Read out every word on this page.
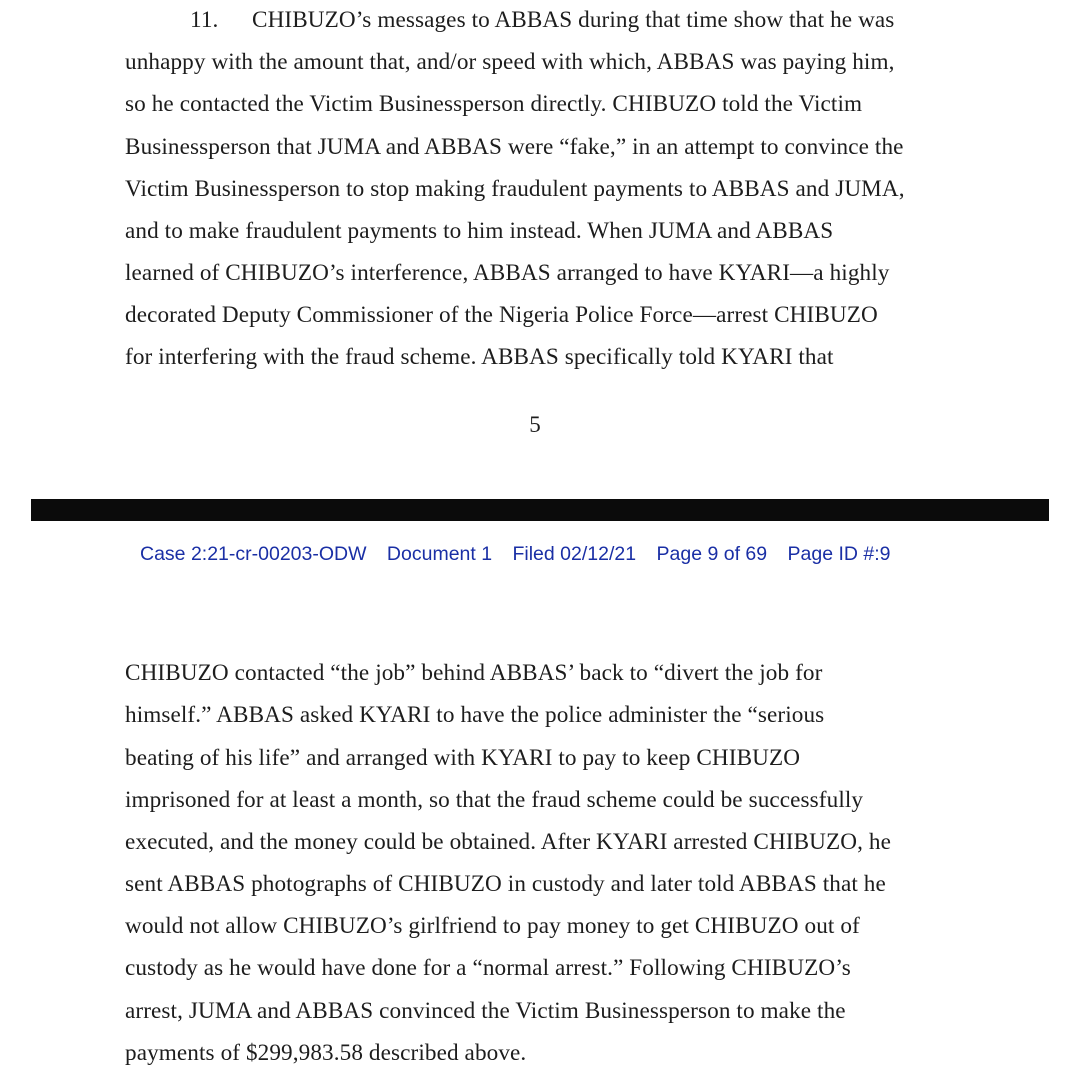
11. CHIBUZO’s messages to ABBAS during that time show that he was
unhappy with the amount that, and/or speed with which, ABBAS was paying him,
so he contacted the Victim Businessperson directly. CHIBUZO told the Victim
Businessperson that JUMA and ABBAS were “fake,” in an attempt to convince the
Victim Businessperson to stop making fraudulent payments to ABBAS and JUMA,
and to make fraudulent payments to him instead. When JUMA and ABBAS
learned of CHIBUZO’s interference, ABBAS arranged to have KYARI—a highly
decorated Deputy Commissioner of the Nigeria Police Force—arrest CHIBUZO
for interfering with the fraud scheme. ABBAS specifically told KYARI that
5
Case 2:21-cr-00203-ODW Document 1 Filed 02/12/21 Page 9 of 69 Page ID #:9
CHIBUZO contacted “the job” behind ABBAS’ back to “divert the job for
himself.” ABBAS asked KYARI to have the police administer the “serious
beating of his life” and arranged with KYARI to pay to keep CHIBUZO
imprisoned for at least a month, so that the fraud scheme could be successfully
executed, and the money could be obtained. After KYARI arrested CHIBUZO, he
sent ABBAS photographs of CHIBUZO in custody and later told ABBAS that he
would not allow CHIBUZO’s girlfriend to pay money to get CHIBUZO out of
custody as he would have done for a “normal arrest.” Following CHIBUZO’s
arrest, JUMA and ABBAS convinced the Victim Businessperson to make the
payments of $299,983.58 described above.
